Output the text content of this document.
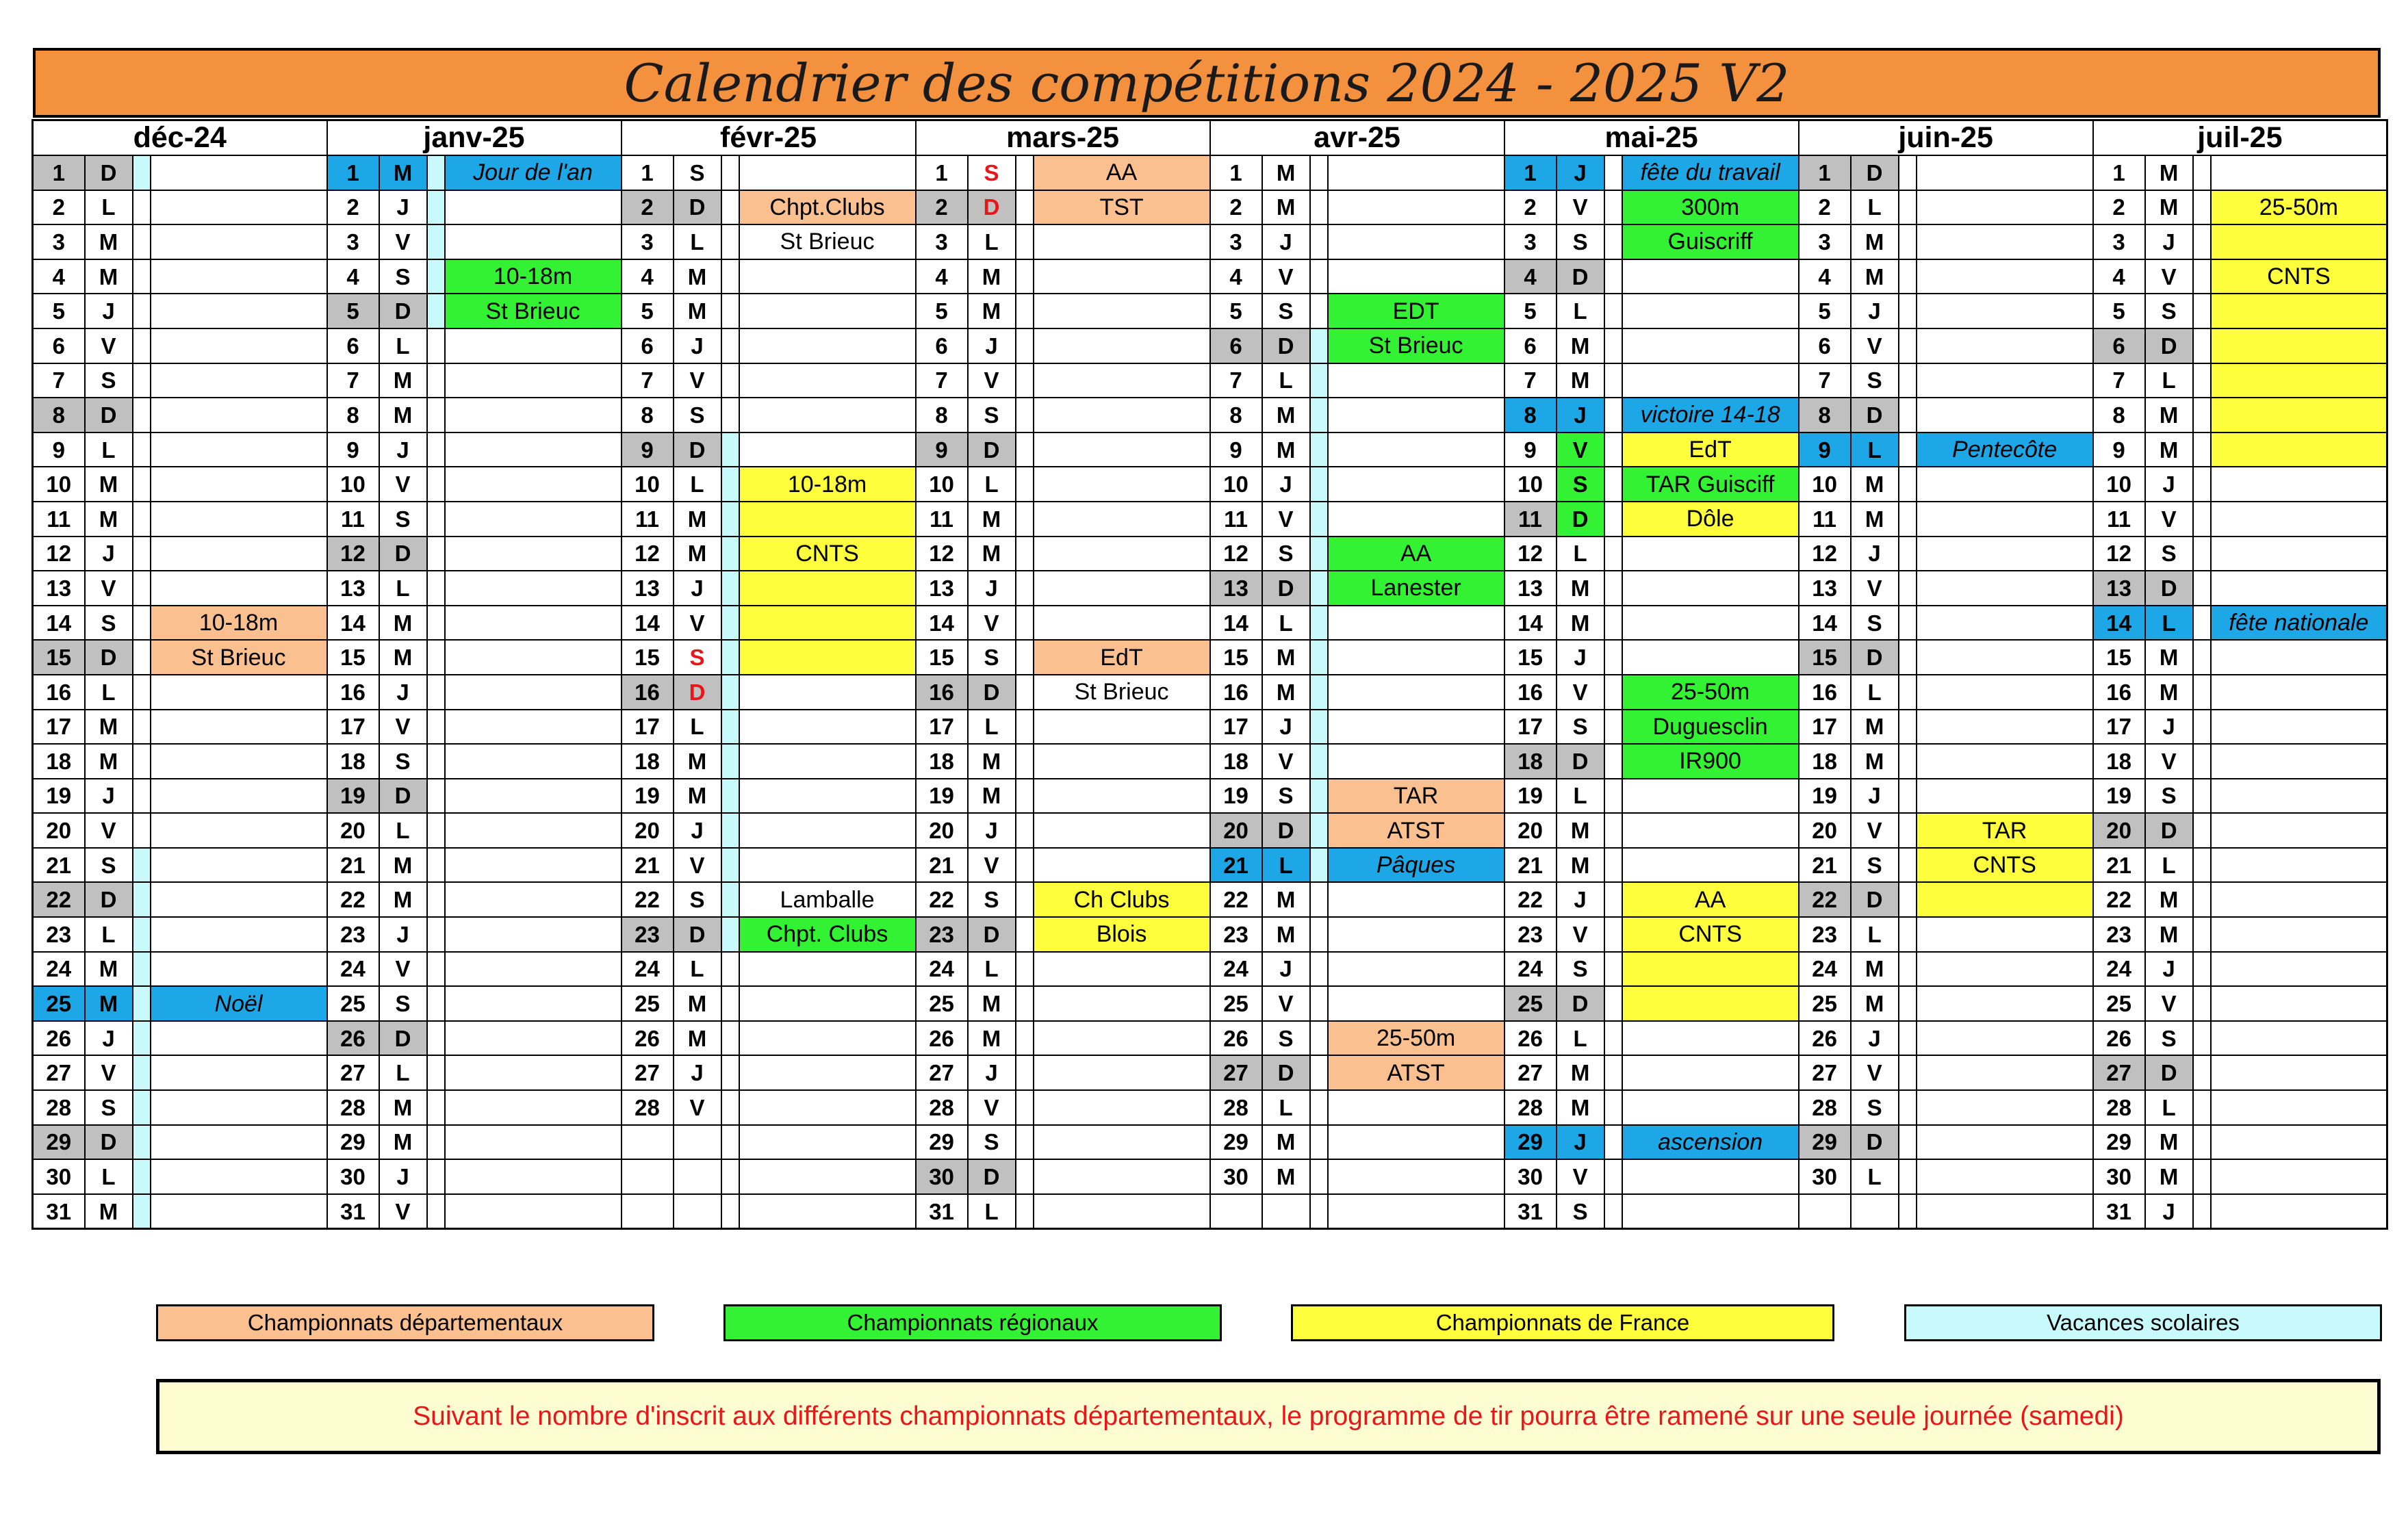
Calendrier des compétitions 2024 - 2025 V2
déc-24				janv-25				févr-25				mars-25				avr-25				mai-25				juin-25				juil-25			
1	D			1	M		Jour de l'an	1	S			1	S		AA	1	M			1	J		fête du travail	1	D			1	M		
2	L			2	J			2	D		Chpt.Clubs	2	D		TST	2	M			2	V		300m	2	L			2	M		25-50m
3	M			3	V			3	L		St Brieuc	3	L			3	J			3	S		Guiscriff	3	M			3	J		
4	M			4	S		10-18m	4	M			4	M			4	V			4	D			4	M			4	V		CNTS
5	J			5	D		St Brieuc	5	M			5	M			5	S		EDT	5	L			5	J			5	S		
6	V			6	L			6	J			6	J			6	D		St Brieuc	6	M			6	V			6	D		
7	S			7	M			7	V			7	V			7	L			7	M			7	S			7	L		
8	D			8	M			8	S			8	S			8	M			8	J		victoire 14-18	8	D			8	M		
9	L			9	J			9	D			9	D			9	M			9	V		EdT	9	L		Pentecôte	9	M		
10	M			10	V			10	L		10-18m	10	L			10	J			10	S		TAR Guisciff	10	M			10	J		
11	M			11	S			11	M			11	M			11	V			11	D		Dôle	11	M			11	V		
12	J			12	D			12	M		CNTS	12	M			12	S		AA	12	L			12	J			12	S		
13	V			13	L			13	J			13	J			13	D		Lanester	13	M			13	V			13	D		
14	S		10-18m	14	M			14	V			14	V			14	L			14	M			14	S			14	L		fête nationale
15	D		St Brieuc	15	M			15	S			15	S		EdT	15	M			15	J			15	D			15	M		
16	L			16	J			16	D			16	D		St Brieuc	16	M			16	V		25-50m	16	L			16	M		
17	M			17	V			17	L			17	L			17	J			17	S		Duguesclin	17	M			17	J		
18	M			18	S			18	M			18	M			18	V			18	D		IR900	18	M			18	V		
19	J			19	D			19	M			19	M			19	S		TAR	19	L			19	J			19	S		
20	V			20	L			20	J			20	J			20	D		ATST	20	M			20	V		TAR	20	D		
21	S			21	M			21	V			21	V			21	L		Pâques	21	M			21	S		CNTS	21	L		
22	D			22	M			22	S		Lamballe	22	S		Ch Clubs	22	M			22	J		AA	22	D			22	M		
23	L			23	J			23	D		Chpt. Clubs	23	D		Blois	23	M			23	V		CNTS	23	L			23	M		
24	M			24	V			24	L			24	L			24	J			24	S			24	M			24	J		
25	M		Noël	25	S			25	M			25	M			25	V			25	D			25	M			25	V		
26	J			26	D			26	M			26	M			26	S		25-50m	26	L			26	J			26	S		
27	V			27	L			27	J			27	J			27	D		ATST	27	M			27	V			27	D		
28	S			28	M			28	V			28	V			28	L			28	M			28	S			28	L		
29	D			29	M							29	S			29	M			29	J		ascension	29	D			29	M		
30	L			30	J							30	D			30	M			30	V			30	L			30	M		
31	M			31	V							31	L							31	S							31	J		
Championnats départementaux	Championnats régionaux	Championnats de France	Vacances scolaires
Suivant le nombre d'inscrit aux différents championnats départementaux, le programme de tir pourra être ramené sur une seule journée (samedi)
